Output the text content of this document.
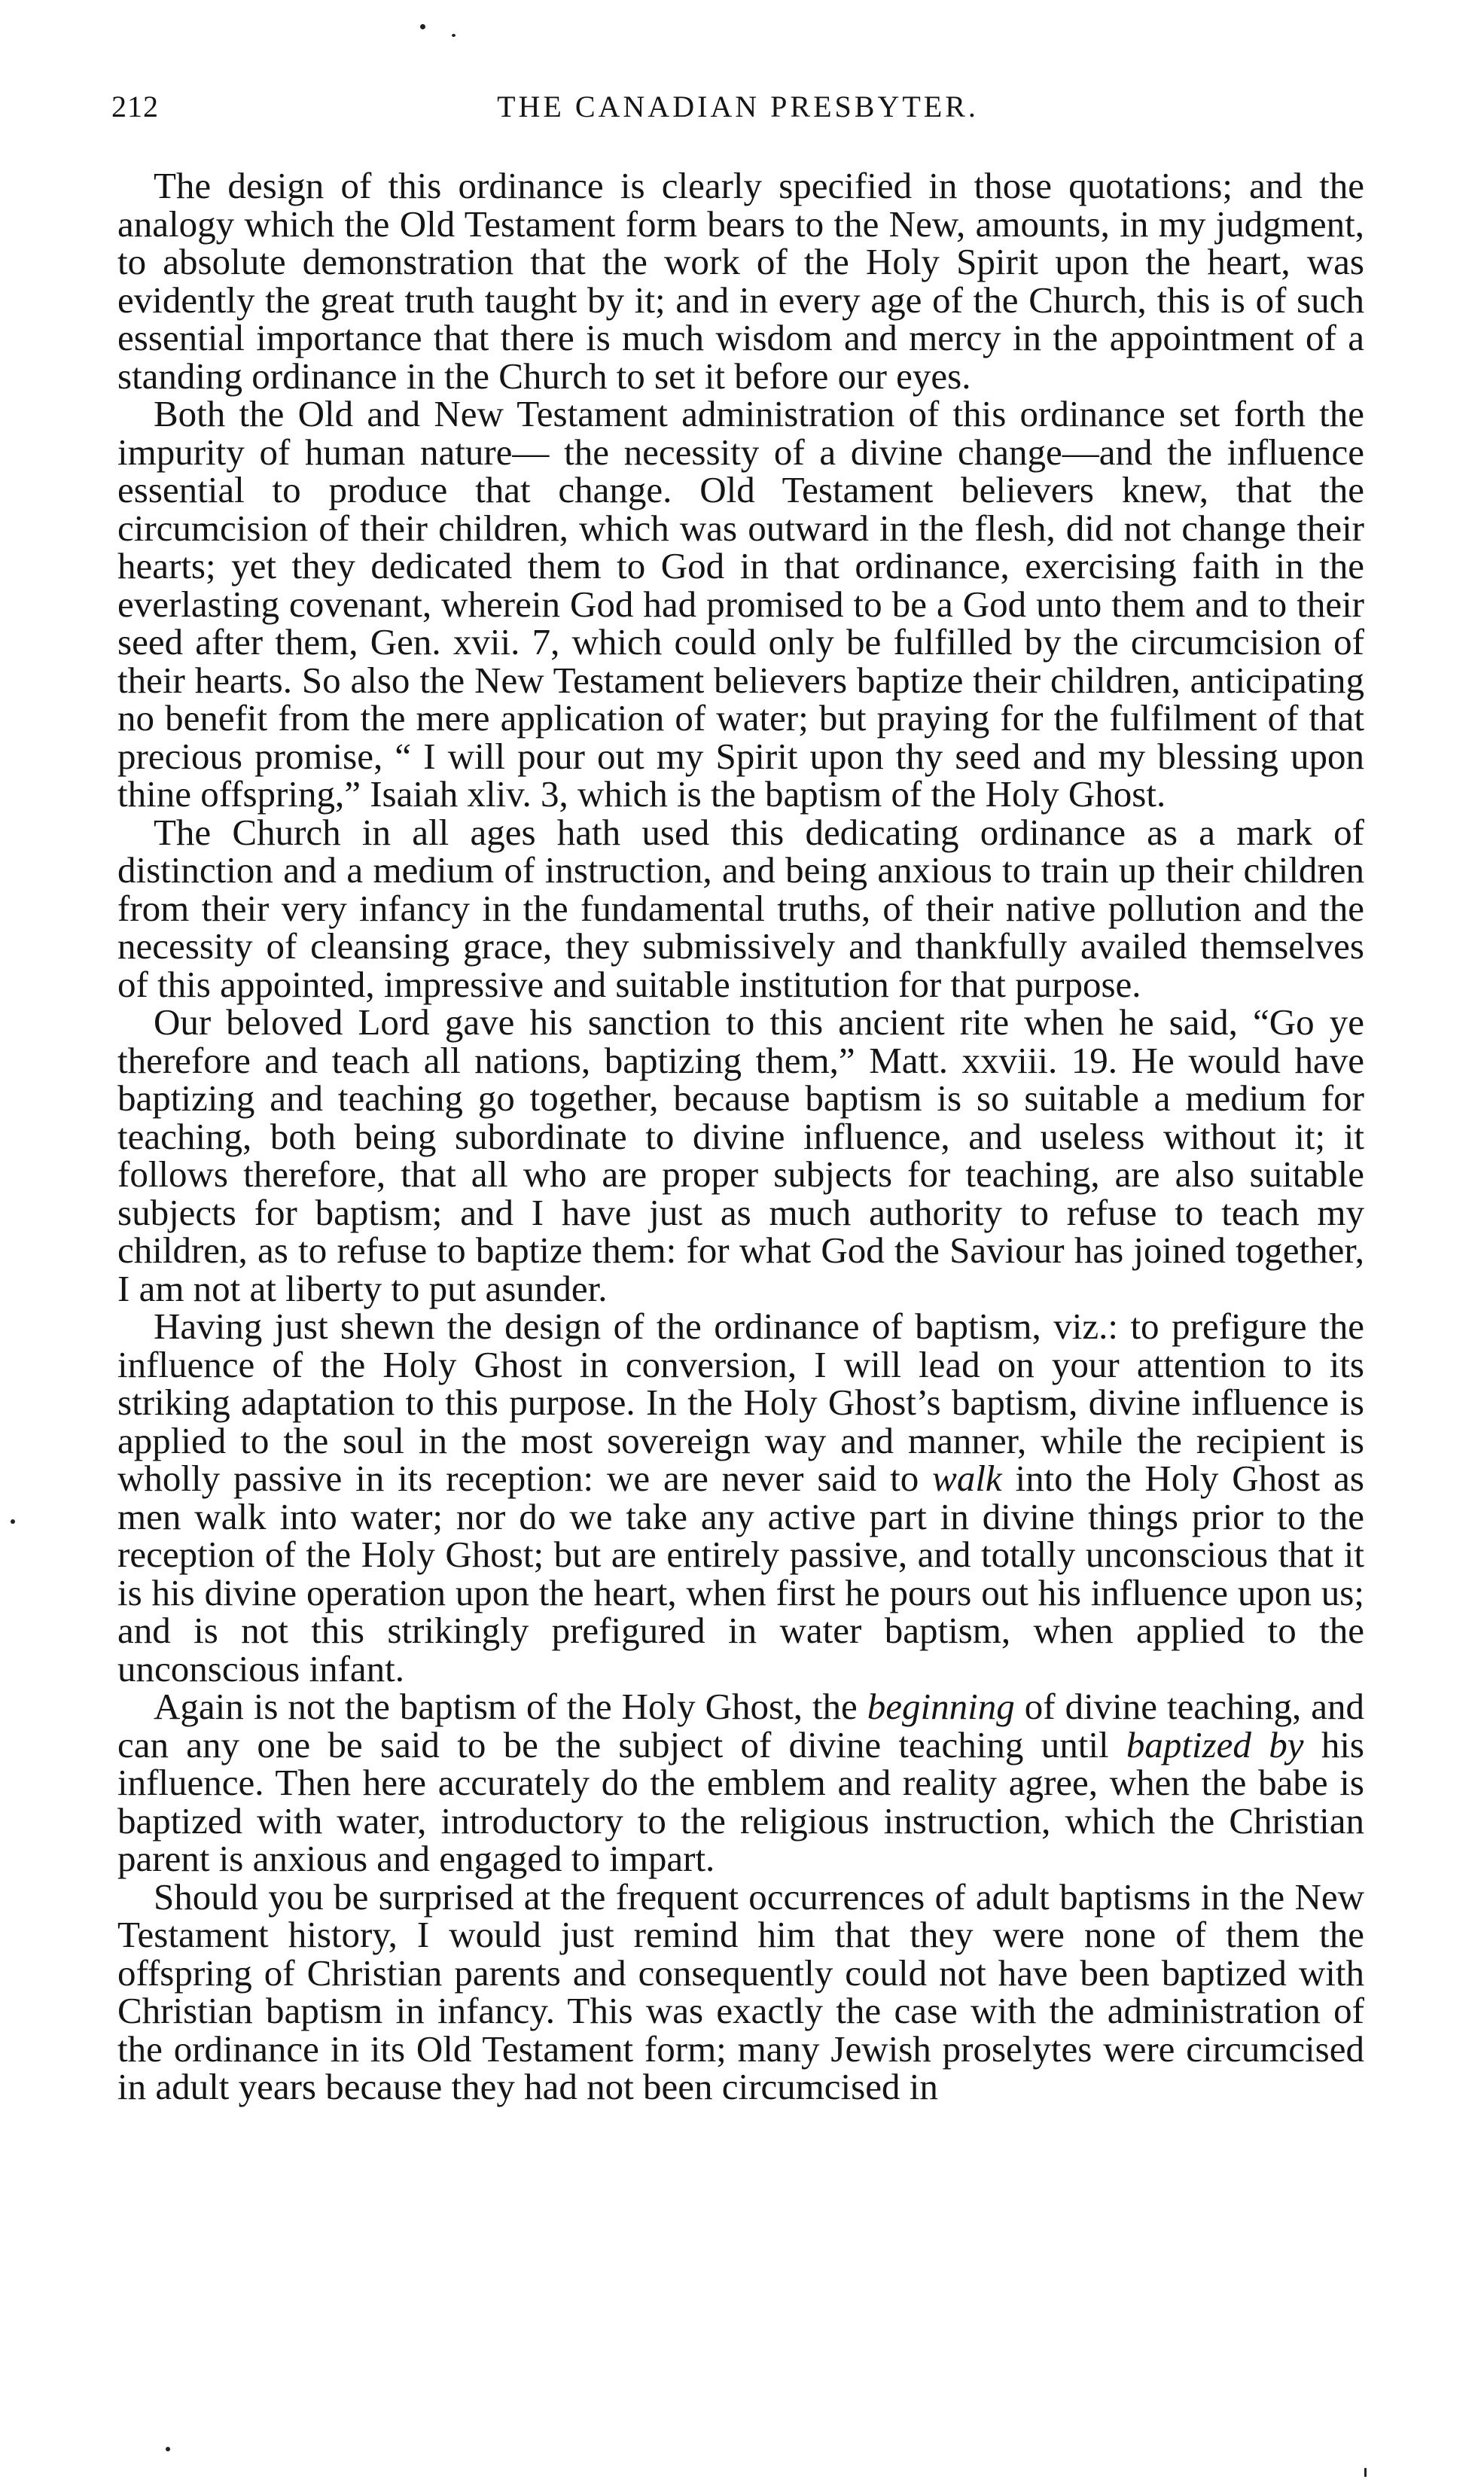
212	THE CANADIAN PRESBYTER.

The design of this ordinance is clearly specified in those quotations; and the analogy which the Old Testament form bears to the New, amounts, in my judgment, to absolute demonstration that the work of the Holy Spirit upon the heart, was evidently the great truth taught by it; and in every age of the Church, this is of such essential importance that there is much wisdom and mercy in the appointment of a standing ordinance in the Church to set it before our eyes.

Both the Old and New Testament administration of this ordinance set forth the impurity of human nature— the necessity of a divine change—and the influence essential to produce that change. Old Testament believers knew, that the circumcision of their children, which was outward in the flesh, did not change their hearts; yet they dedicated them to God in that ordinance, exercising faith in the everlasting covenant, wherein God had promised to be a God unto them and to their seed after them, Gen. xvii. 7, which could only be fulfilled by the circumcision of their hearts. So also the New Testament believers baptize their children, anticipating no benefit from the mere application of water; but praying for the fulfilment of that precious promise, “ I will pour out my Spirit upon thy seed and my blessing upon thine offspring,” Isaiah xliv. 3, which is the baptism of the Holy Ghost.

The Church in all ages hath used this dedicating ordinance as a mark of distinction and a medium of instruction, and being anxious to train up their children from their very infancy in the fundamental truths, of their native pollution and the necessity of cleansing grace, they submissively and thankfully availed themselves of this appointed, impressive and suitable institution for that purpose.

Our beloved Lord gave his sanction to this ancient rite when he said, “Go ye therefore and teach all nations, baptizing them,” Matt. xxviii. 19. He would have baptizing and teaching go together, because baptism is so suitable a medium for teaching, both being subordinate to divine influence, and useless without it; it follows therefore, that all who are proper subjects for teaching, are also suitable subjects for baptism; and I have just as much authority to refuse to teach my children, as to refuse to baptize them: for what God the Saviour has joined together, I am not at liberty to put asunder.

Having just shewn the design of the ordinance of baptism, viz.: to prefigure the influence of the Holy Ghost in conversion, I will lead on your attention to its striking adaptation to this purpose. In the Holy Ghost’s baptism, divine influence is applied to the soul in the most sovereign way and manner, while the recipient is wholly passive in its reception: we are never said to walk into the Holy Ghost as men walk into water; nor do we take any active part in divine things prior to the reception of the Holy Ghost; but are entirely passive, and totally unconscious that it is his divine operation upon the heart, when first he pours out his influence upon us; and is not this strikingly prefigured in water baptism, when applied to the unconscious infant.

Again is not the baptism of the Holy Ghost, the beginning of divine teaching, and can any one be said to be the subject of divine teaching until baptized by his influence. Then here accurately do the emblem and reality agree, when the babe is baptized with water, introductory to the religious instruction, which the Christian parent is anxious and engaged to impart.

Should you be surprised at the frequent occurrences of adult baptisms in the New Testament history, I would just remind him that they were none of them the offspring of Christian parents and consequently could not have been baptized with Christian baptism in infancy. This was exactly the case with the administration of the ordinance in its Old Testament form; many Jewish proselytes were circumcised in adult years because they had not been circumcised in
